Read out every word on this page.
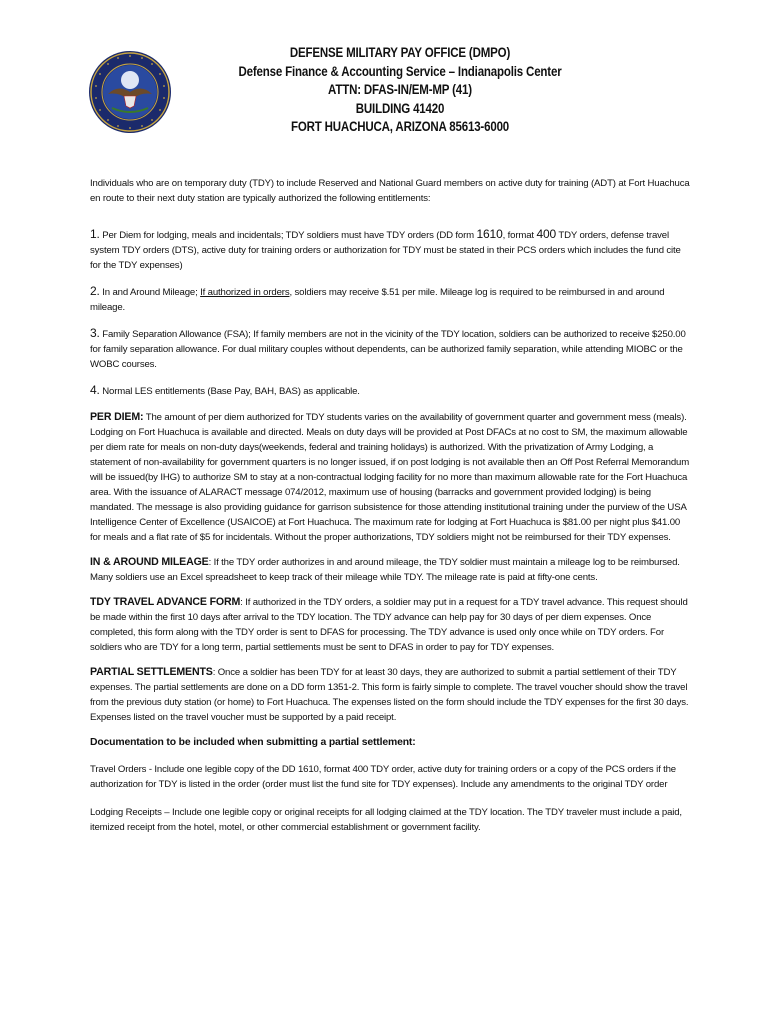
DEFENSE MILITARY PAY OFFICE (DMPO)
Defense Finance & Accounting Service – Indianapolis Center
ATTN: DFAS-IN/EM-MP (41)
BUILDING 41420
FORT HUACHUCA, ARIZONA 85613-6000

Individuals who are on temporary duty (TDY) to include Reserved and National Guard members on active duty for training (ADT) at Fort Huachuca en route to their next duty station are typically authorized the following entitlements:

1. Per Diem for lodging, meals and incidentals; TDY soldiers must have TDY orders (DD form 1610, format 400 TDY orders, defense travel system TDY orders (DTS), active duty for training orders or authorization for TDY must be stated in their PCS orders which includes the fund cite for the TDY expenses)

2. In and Around Mileage; If authorized in orders, soldiers may receive $.51 per mile. Mileage log is required to be reimbursed in and around mileage.

3. Family Separation Allowance (FSA); If family members are not in the vicinity of the TDY location, soldiers can be authorized to receive $250.00 for family separation allowance. For dual military couples without dependents, can be authorized family separation, while attending MIOBC or the WOBC courses.

4. Normal LES entitlements (Base Pay, BAH, BAS) as applicable.

PER DIEM: The amount of per diem authorized for TDY students varies on the availability of government quarter and government mess (meals). Lodging on Fort Huachuca is available and directed. Meals on duty days will be provided at Post DFACs at no cost to SM, the maximum allowable per diem rate for meals on non-duty days(weekends, federal and training holidays) is authorized. With the privatization of Army Lodging, a statement of non-availability for government quarters is no longer issued, if on post lodging is not available then an Off Post Referral Memorandum will be issued(by IHG) to authorize SM to stay at a non-contractual lodging facility for no more than maximum allowable rate for the Fort Huachuca area. With the issuance of ALARACT message 074/2012, maximum use of housing (barracks and government provided lodging) is being mandated. The message is also providing guidance for garrison subsistence for those attending institutional training under the purview of the USA Intelligence Center of Excellence (USAICOE) at Fort Huachuca. The maximum rate for lodging at Fort Huachuca is $81.00 per night plus $41.00 for meals and a flat rate of $5 for incidentals. Without the proper authorizations, TDY soldiers might not be reimbursed for their TDY expenses.

IN & AROUND MILEAGE: If the TDY order authorizes in and around mileage, the TDY soldier must maintain a mileage log to be reimbursed. Many soldiers use an Excel spreadsheet to keep track of their mileage while TDY. The mileage rate is paid at fifty-one cents.

TDY TRAVEL ADVANCE FORM: If authorized in the TDY orders, a soldier may put in a request for a TDY travel advance. This request should be made within the first 10 days after arrival to the TDY location. The TDY advance can help pay for 30 days of per diem expenses. Once completed, this form along with the TDY order is sent to DFAS for processing. The TDY advance is used only once while on TDY orders. For soldiers who are TDY for a long term, partial settlements must be sent to DFAS in order to pay for TDY expenses.

PARTIAL SETTLEMENTS: Once a soldier has been TDY for at least 30 days, they are authorized to submit a partial settlement of their TDY expenses. The partial settlements are done on a DD form 1351-2. This form is fairly simple to complete. The travel voucher should show the travel from the previous duty station (or home) to Fort Huachuca. The expenses listed on the form should include the TDY expenses for the first 30 days. Expenses listed on the travel voucher must be supported by a paid receipt.

Documentation to be included when submitting a partial settlement:

Travel Orders - Include one legible copy of the DD 1610, format 400 TDY order, active duty for training orders or a copy of the PCS orders if the authorization for TDY is listed in the order (order must list the fund site for TDY expenses). Include any amendments to the original TDY order

Lodging Receipts – Include one legible copy or original receipts for all lodging claimed at the TDY location. The TDY traveler must include a paid, itemized receipt from the hotel, motel, or other commercial establishment or government facility.
